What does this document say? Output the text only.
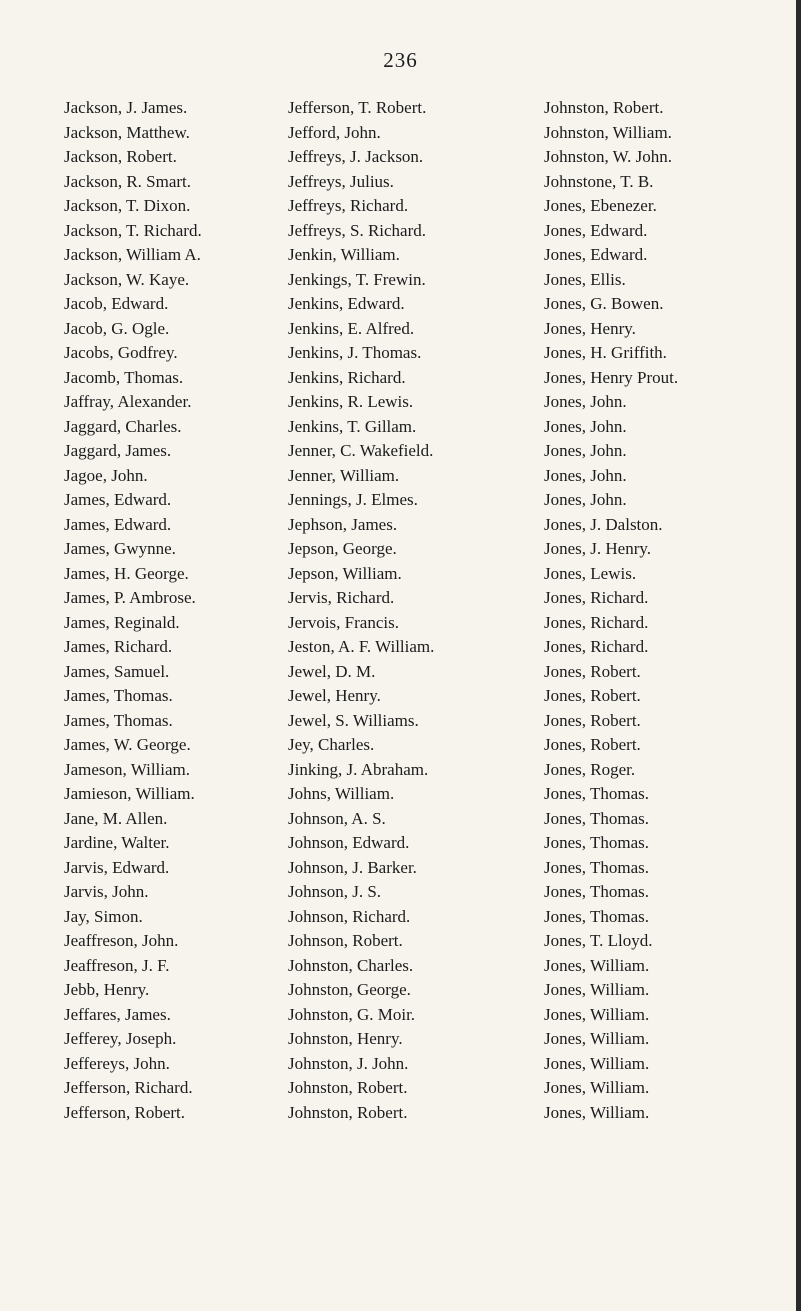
236
Jackson, J. James.
Jackson, Matthew.
Jackson, Robert.
Jackson, R. Smart.
Jackson, T. Dixon.
Jackson, T. Richard.
Jackson, William A.
Jackson, W. Kaye.
Jacob, Edward.
Jacob, G. Ogle.
Jacobs, Godfrey.
Jacomb, Thomas.
Jaffray, Alexander.
Jaggard, Charles.
Jaggard, James.
Jagoe, John.
James, Edward.
James, Edward.
James, Gwynne.
James, H. George.
James, P. Ambrose.
James, Reginald.
James, Richard.
James, Samuel.
James, Thomas.
James, Thomas.
James, W. George.
Jameson, William.
Jamieson, William.
Jane, M. Allen.
Jardine, Walter.
Jarvis, Edward.
Jarvis, John.
Jay, Simon.
Jeaffreson, John.
Jeaffreson, J. F.
Jebb, Henry.
Jeffares, James.
Jefferey, Joseph.
Jeffereys, John.
Jefferson, Richard.
Jefferson, Robert.
Jefferson, T. Robert.
Jefford, John.
Jeffreys, J. Jackson.
Jeffreys, Julius.
Jeffreys, Richard.
Jeffreys, S. Richard.
Jenkin, William.
Jenkings, T. Frewin.
Jenkins, Edward.
Jenkins, E. Alfred.
Jenkins, J. Thomas.
Jenkins, Richard.
Jenkins, R. Lewis.
Jenkins, T. Gillam.
Jenner, C. Wakefield.
Jenner, William.
Jennings, J. Elmes.
Jephson, James.
Jepson, George.
Jepson, William.
Jervis, Richard.
Jervois, Francis.
Jeston, A. F. William.
Jewel, D. M.
Jewel, Henry.
Jewel, S. Williams.
Jey, Charles.
Jinking, J. Abraham.
Johns, William.
Johnson, A. S.
Johnson, Edward.
Johnson, J. Barker.
Johnson, J. S.
Johnson, Richard.
Johnson, Robert.
Johnston, Charles.
Johnston, George.
Johnston, G. Moir.
Johnston, Henry.
Johnston, J. John.
Johnston, Robert.
Johnston, Robert.
Johnston, Robert.
Johnston, William.
Johnston, W. John.
Johnstone, T. B.
Jones, Ebenezer.
Jones, Edward.
Jones, Edward.
Jones, Ellis.
Jones, G. Bowen.
Jones, Henry.
Jones, H. Griffith.
Jones, Henry Prout.
Jones, John.
Jones, John.
Jones, John.
Jones, John.
Jones, John.
Jones, J. Dalston.
Jones, J. Henry.
Jones, Lewis.
Jones, Richard.
Jones, Richard.
Jones, Richard.
Jones, Robert.
Jones, Robert.
Jones, Robert.
Jones, Robert.
Jones, Roger.
Jones, Thomas.
Jones, Thomas.
Jones, Thomas.
Jones, Thomas.
Jones, Thomas.
Jones, Thomas.
Jones, T. Lloyd.
Jones, William.
Jones, William.
Jones, William.
Jones, William.
Jones, William.
Jones, William.
Jones, William.
